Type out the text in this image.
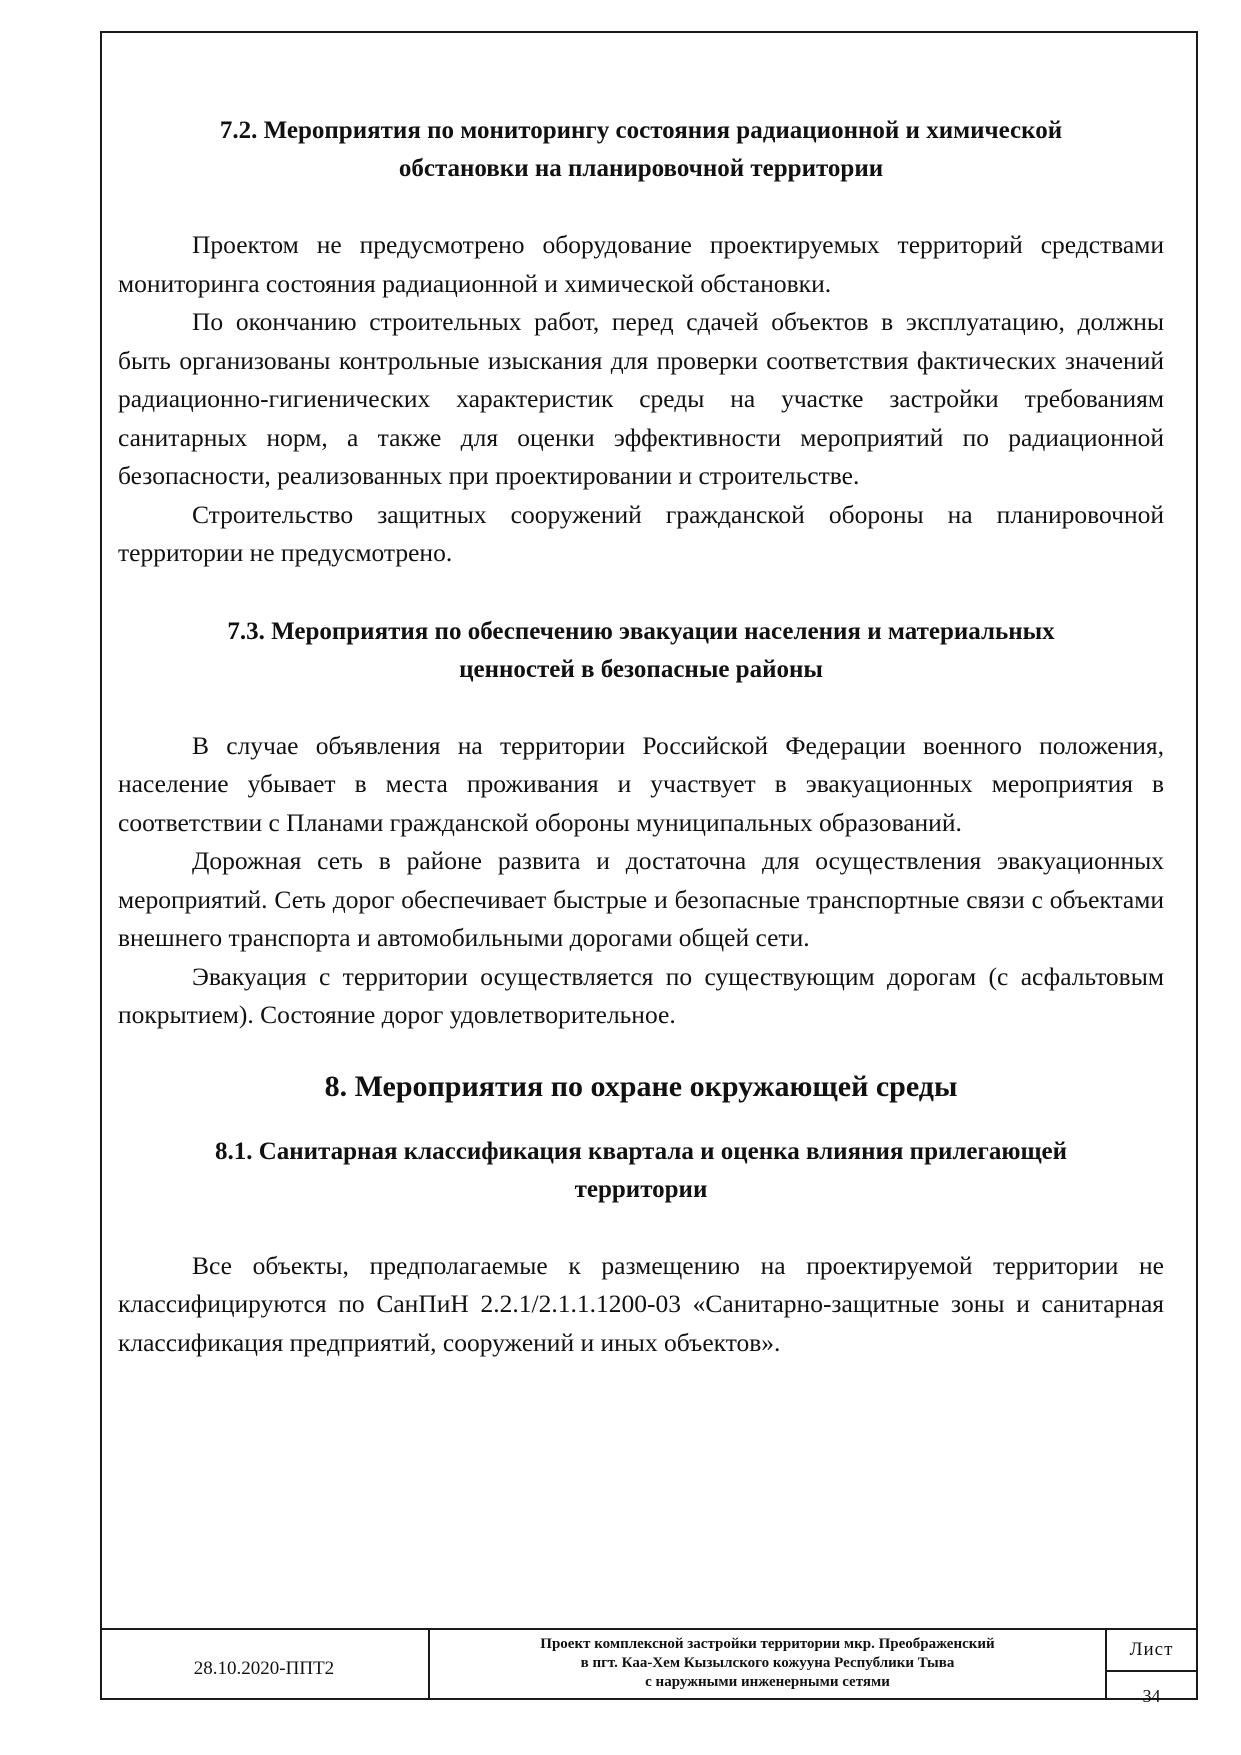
7.2. Мероприятия по мониторингу состояния радиационной и химической
обстановки на планировочной территории

Проектом не предусмотрено оборудование проектируемых территорий средствами мониторинга состояния радиационной и химической обстановки.

По окончанию строительных работ, перед сдачей объектов в эксплуатацию, должны быть организованы контрольные изыскания для проверки соответствия фактических значений радиационно-гигиенических характеристик среды на участке застройки требованиям санитарных норм, а также для оценки эффективности мероприятий по радиационной безопасности, реализованных при проектировании и строительстве.

Строительство защитных сооружений гражданской обороны на планировочной территории не предусмотрено.

7.3. Мероприятия по обеспечению эвакуации населения и материальных
ценностей в безопасные районы

В случае объявления на территории Российской Федерации военного положения, население убывает в места проживания и участвует в эвакуационных мероприятия в соответствии с Планами гражданской обороны муниципальных образований.

Дорожная сеть в районе развита и достаточна для осуществления эвакуационных мероприятий. Сеть дорог обеспечивает быстрые и безопасные транспортные связи с объектами внешнего транспорта и автомобильными дорогами общей сети.

Эвакуация с территории осуществляется по существующим дорогам (с асфальтовым покрытием). Состояние дорог удовлетворительное.

8. Мероприятия по охране окружающей среды
8.1. Санитарная классификация квартала и оценка влияния прилегающей
территории

Все объекты, предполагаемые к размещению на проектируемой территории не классифицируются по СанПиН 2.2.1/2.1.1.1200-03 «Санитарно-защитные зоны и санитарная классификация предприятий, сооружений и иных объектов».

28.10.2020-ППТ2
Проект комплексной застройки территории мкр. Преображенский
в пгт. Каа-Хем Кызылского кожууна Республики Тыва
с наружными инженерными сетями
Лист
34
